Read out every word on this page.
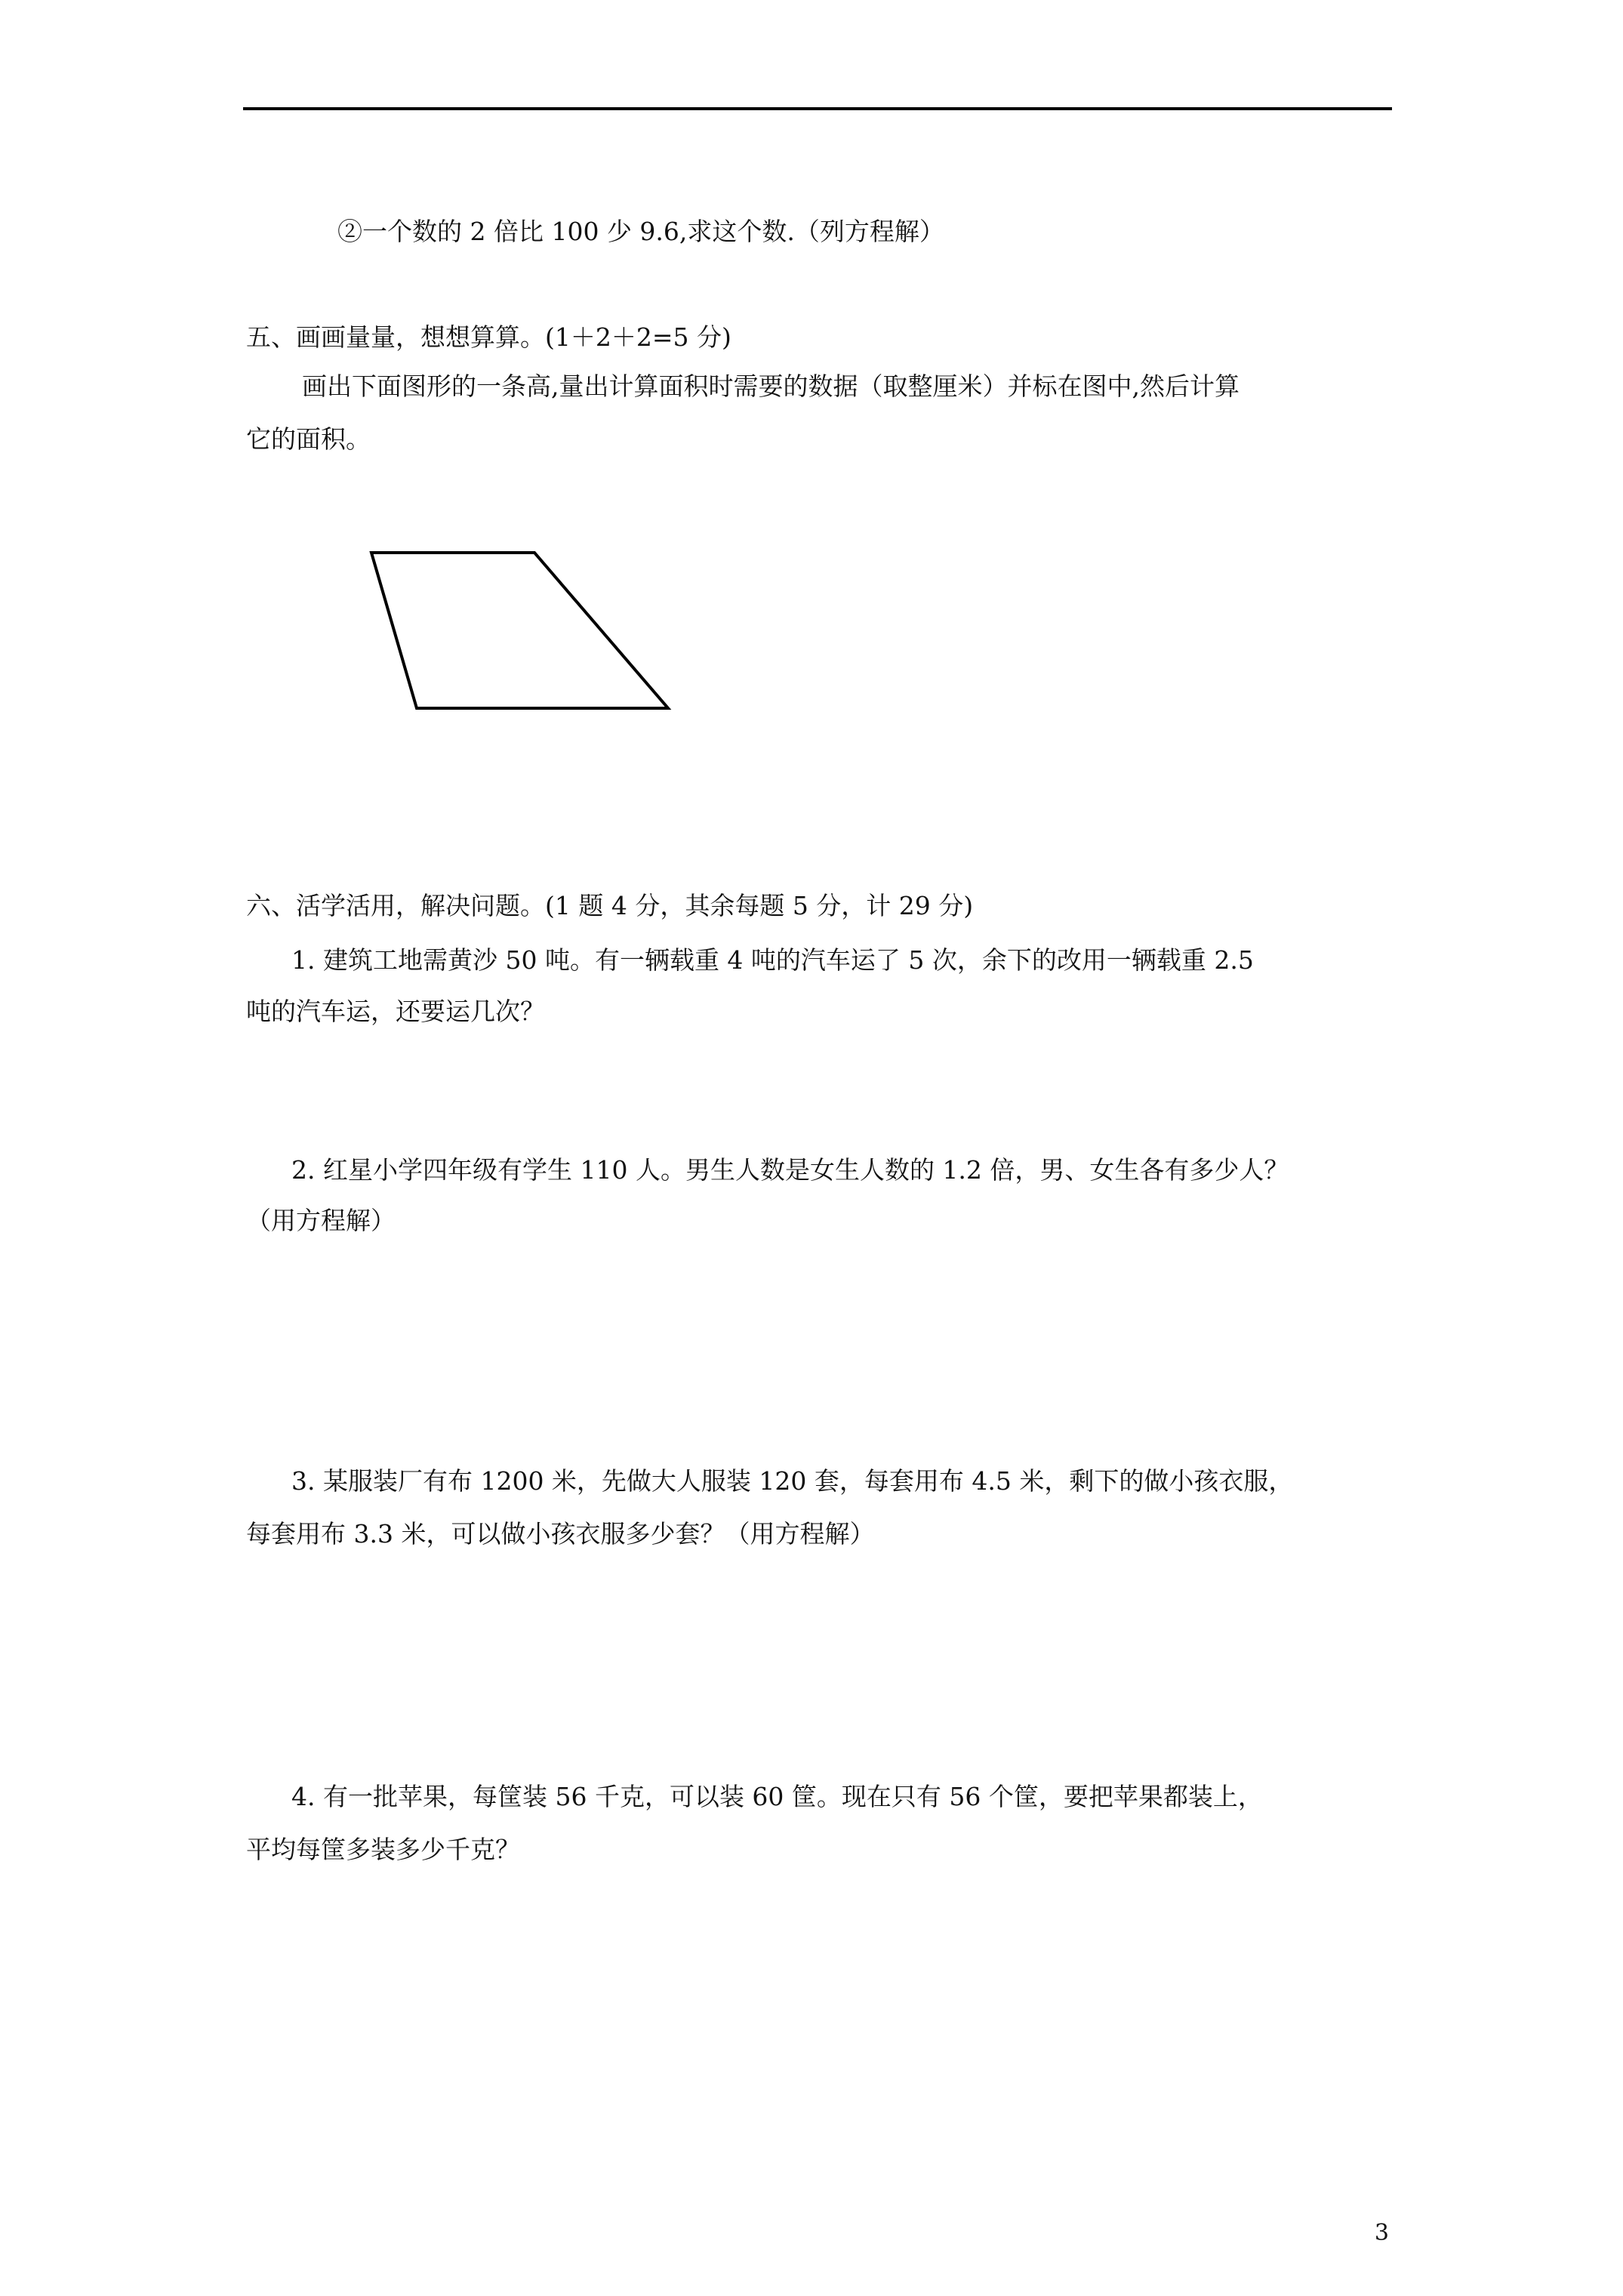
②一个数的 2 倍比 100 少 9.6,求这个数.（列方程解）
五、画画量量，想想算算。(1＋2＋2=5 分)
画出下面图形的一条高,量出计算面积时需要的数据（取整厘米）并标在图中,然后计算
它的面积。
六、活学活用，解决问题。(1 题 4 分，其余每题 5 分，计 29 分)
1. 建筑工地需黄沙 50 吨。有一辆载重 4 吨的汽车运了 5 次，余下的改用一辆载重 2.5
吨的汽车运，还要运几次？
2. 红星小学四年级有学生 110 人。男生人数是女生人数的 1.2 倍，男、女生各有多少人？
（用方程解）
3. 某服装厂有布 1200 米，先做大人服装 120 套，每套用布 4.5 米，剩下的做小孩衣服，
每套用布 3.3 米，可以做小孩衣服多少套？（用方程解）
4. 有一批苹果，每筐装 56 千克，可以装 60 筐。现在只有 56 个筐，要把苹果都装上，
平均每筐多装多少千克？
3
